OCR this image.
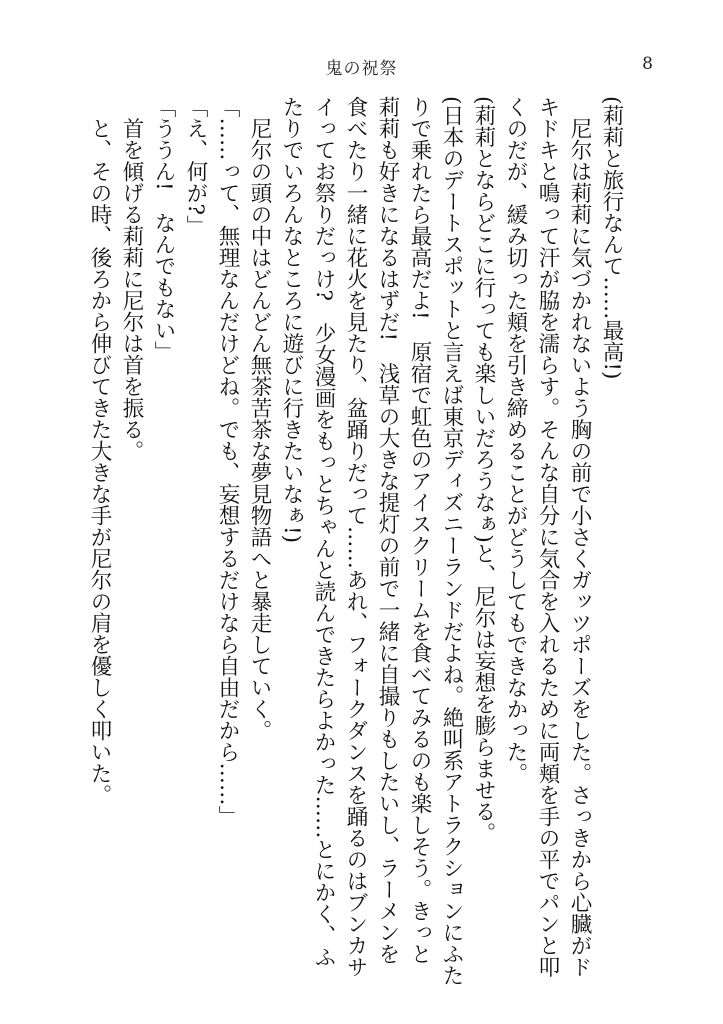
鬼の祝祭	8

(莉莉と旅行なんて……最高!)

　尼尔は莉莉に気づかれないよう胸の前で小さくガッツポーズをした。さっきから心臓がドキドキと鳴って汗が脇を濡らす。そんな自分に気合を入れるために両頬を手の平でパンと叩くのだが、緩み切った頬を引き締めることがどうしてもできなかった。

(莉莉とならどこに行っても楽しいだろうなぁ)と、尼尔は妄想を膨らませる。

(日本のデートスポットと言えば東京ディズニーランドだよね。絶叫系アトラクションにふたりで乗れたら最高だよ!　原宿で虹色のアイスクリームを食べてみるのも楽しそう。きっと莉莉も好きになるはずだ!　浅草の大きな提灯の前で一緒に自撮りもしたいし、ラーメンを食べたり一緒に花火を見たり、盆踊りだって……あれ、フォークダンスを踊るのはブンカサイってお祭りだっけ?　少女漫画をもっとちゃんと読んできたらよかった……とにかく、ふたりでいろんなところに遊びに行きたいなぁ!)

　尼尔の頭の中はどんどん無茶苦茶な夢見物語へと暴走していく。

「……って、無理なんだけどね。でも、妄想するだけなら自由だから……」

「え、何が?」

「ううん!　なんでもない」

　首を傾げる莉莉に尼尔は首を振る。

　と、その時、後ろから伸びてきた大きな手が尼尔の肩を優しく叩いた。
